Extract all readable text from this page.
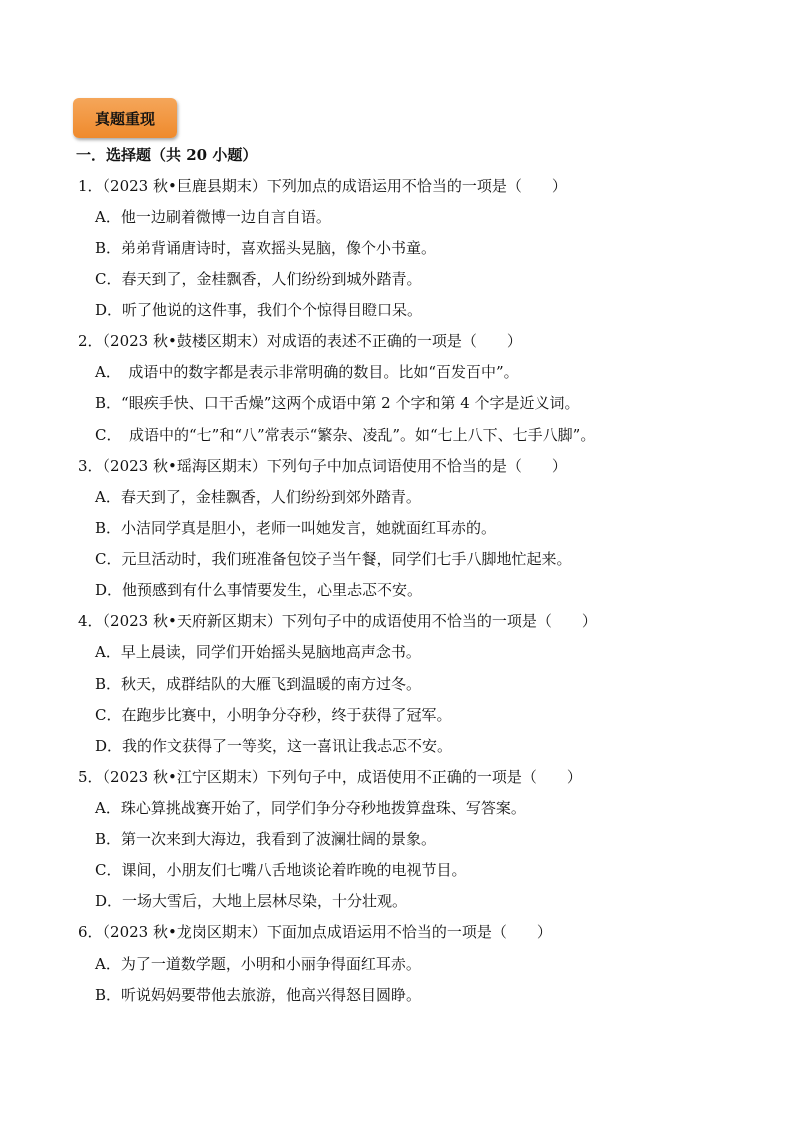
真题重现
一．选择题（共 20 小题）
1．（2023 秋•巨鹿县期末）下列加点的成语运用不恰当的一项是（　　）
A．他一边刷着微博一边自言自语。
B．弟弟背诵唐诗时，喜欢摇头晃脑，像个小书童。
C．春天到了，金桂飘香，人们纷纷到城外踏青。
D．听了他说的这件事，我们个个惊得目瞪口呆。
2．（2023 秋•鼓楼区期末）对成语的表述不正确的一项是（　　）
A．　成语中的数字都是表示非常明确的数目。比如“百发百中”。
B．“眼疾手快、口干舌燥”这两个成语中第 2 个字和第 4 个字是近义词。
C．　成语中的“七”和“八”常表示“繁杂、凌乱”。如“七上八下、七手八脚”。
3．（2023 秋•瑶海区期末）下列句子中加点词语使用不恰当的是（　　）
A．春天到了，金桂飘香，人们纷纷到郊外踏青。
B．小洁同学真是胆小，老师一叫她发言，她就面红耳赤的。
C．元旦活动时，我们班准备包饺子当午餐，同学们七手八脚地忙起来。
D．他预感到有什么事情要发生，心里忐忑不安。
4．（2023 秋•天府新区期末）下列句子中的成语使用不恰当的一项是（　　）
A．早上晨读，同学们开始摇头晃脑地高声念书。
B．秋天，成群结队的大雁飞到温暖的南方过冬。
C．在跑步比赛中，小明争分夺秒，终于获得了冠军。
D．我的作文获得了一等奖，这一喜讯让我忐忑不安。
5．（2023 秋•江宁区期末）下列句子中，成语使用不正确的一项是（　　）
A．珠心算挑战赛开始了，同学们争分夺秒地拨算盘珠、写答案。
B．第一次来到大海边，我看到了波澜壮阔的景象。
C．课间，小朋友们七嘴八舌地谈论着昨晚的电视节目。
D．一场大雪后，大地上层林尽染，十分壮观。
6．（2023 秋•龙岗区期末）下面加点成语运用不恰当的一项是（　　）
A．为了一道数学题，小明和小丽争得面红耳赤。
B．听说妈妈要带他去旅游，他高兴得怒目圆睁。
